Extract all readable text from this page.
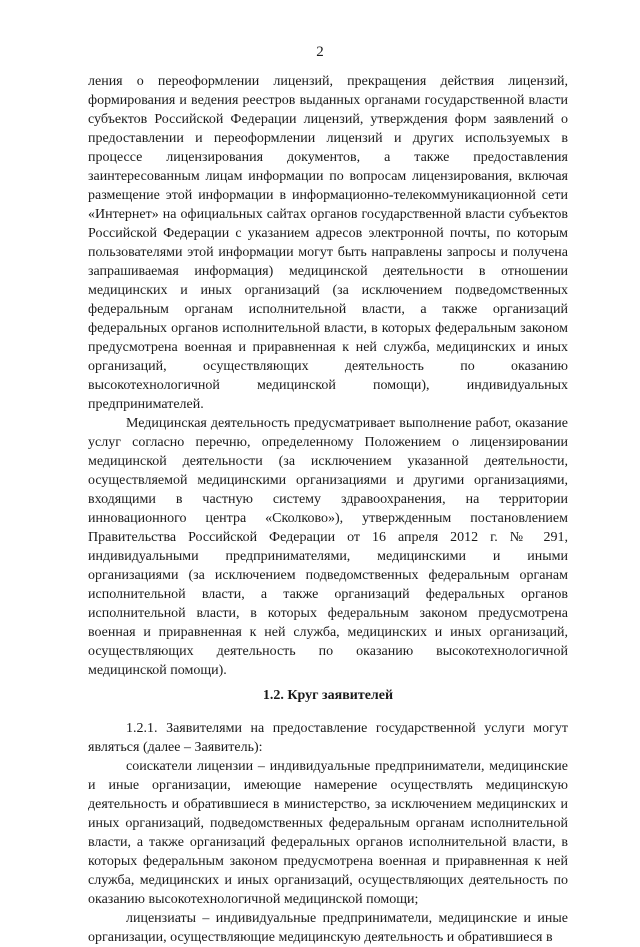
2

ления о переоформлении лицензий, прекращения действия лицензий, формирования и ведения реестров выданных органами государственной власти субъектов Российской Федерации лицензий, утверждения форм заявлений о предоставлении и переоформлении лицензий и других используемых в процессе лицензирования документов, а также предоставления заинтересованным лицам информации по вопросам лицензирования, включая размещение этой информации в информационно-телекоммуникационной сети «Интернет» на официальных сайтах органов государственной власти субъектов Российской Федерации с указанием адресов электронной почты, по которым пользователями этой информации могут быть направлены запросы и получена запрашиваемая информация) медицинской деятельности в отношении медицинских и иных организаций (за исключением подведомственных федеральным органам исполнительной власти, а также организаций федеральных органов исполнительной власти, в которых федеральным законом предусмотрена военная и приравненная к ней служба, медицинских и иных организаций, осуществляющих деятельность по оказанию высокотехнологичной медицинской помощи), индивидуальных предпринимателей.

Медицинская деятельность предусматривает выполнение работ, оказание услуг согласно перечню, определенному Положением о лицензировании медицинской деятельности (за исключением указанной деятельности, осуществляемой медицинскими организациями и другими организациями, входящими в частную систему здравоохранения, на территории инновационного центра «Сколково»), утвержденным постановлением Правительства Российской Федерации от 16 апреля 2012 г. № 291, индивидуальными предпринимателями, медицинскими и иными организациями (за исключением подведомственных федеральным органам исполнительной власти, а также организаций федеральных органов исполнительной власти, в которых федеральным законом предусмотрена военная и приравненная к ней служба, медицинских и иных организаций, осуществляющих деятельность по оказанию высокотехнологичной медицинской помощи).

1.2. Круг заявителей

1.2.1. Заявителями на предоставление государственной услуги могут являться (далее – Заявитель):

соискатели лицензии – индивидуальные предприниматели, медицинские и иные организации, имеющие намерение осуществлять медицинскую деятельность и обратившиеся в министерство, за исключением медицинских и иных организаций, подведомственных федеральным органам исполнительной власти, а также организаций федеральных органов исполнительной власти, в которых федеральным законом предусмотрена военная и приравненная к ней служба, медицинских и иных организаций, осуществляющих деятельность по оказанию высокотехнологичной медицинской помощи;

лицензиаты – индивидуальные предприниматели, медицинские и иные организации, осуществляющие медицинскую деятельность и обратившиеся в
